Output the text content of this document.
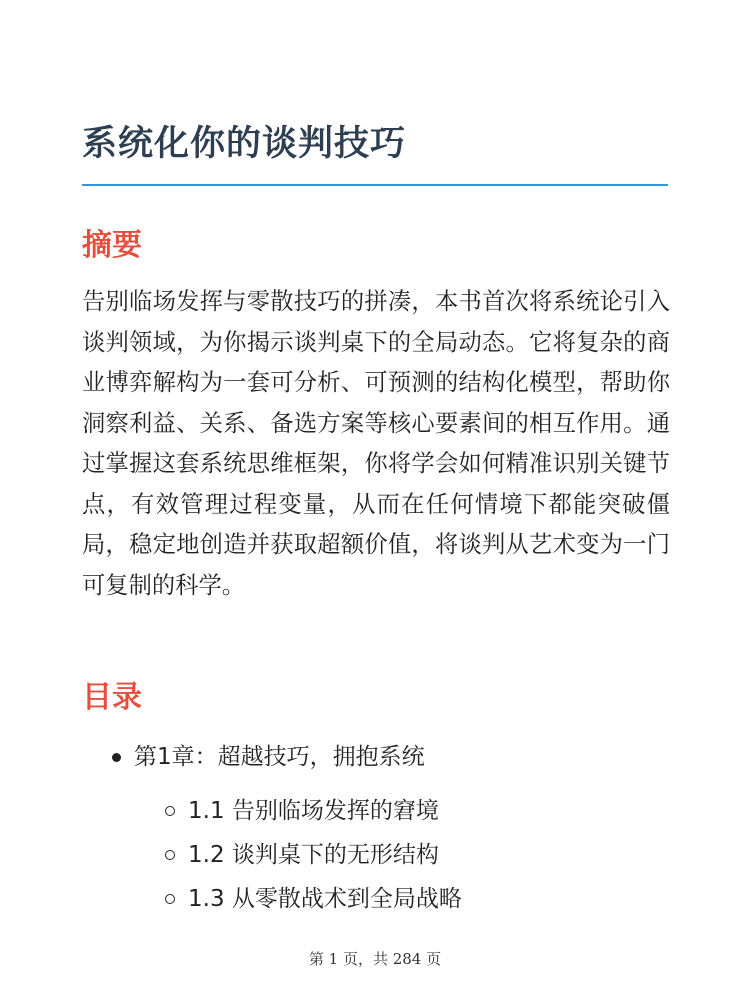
系统化你的谈判技巧
摘要

告别临场发挥与零散技巧的拼凑，本书首次将系统论引入谈判领域，为你揭示谈判桌下的全局动态。它将复杂的商业博弈解构为一套可分析、可预测的结构化模型，帮助你洞察利益、关系、备选方案等核心要素间的相互作用。通过掌握这套系统思维框架，你将学会如何精准识别关键节点，有效管理过程变量，从而在任何情境下都能突破僵局，稳定地创造并获取超额价值，将谈判从艺术变为一门可复制的科学。

目录
第1章：超越技巧，拥抱系统
1.1 告别临场发挥的窘境
1.2 谈判桌下的无形结构
1.3 从零散战术到全局战略
第 1 页，共 284 页
